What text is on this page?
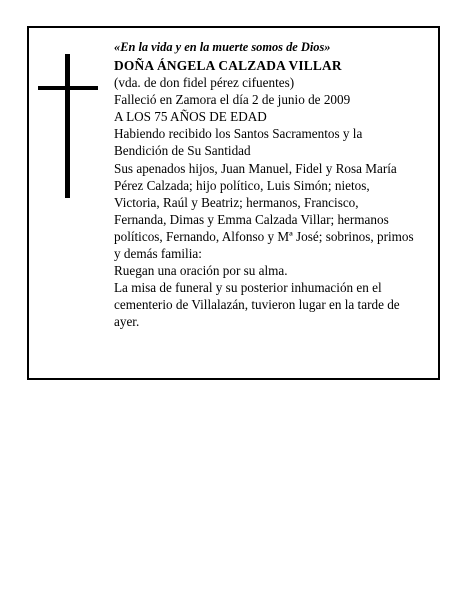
«En la vida y en la muerte somos de Dios»

DOÑA ÁNGELA CALZADA VILLAR

(vda. de don fidel pérez cifuentes)

Falleció en Zamora el día 2 de junio de 2009

A LOS 75 AÑOS DE EDAD

Habiendo recibido los Santos Sacramentos y la Bendición de Su Santidad

Sus apenados hijos, Juan Manuel, Fidel y Rosa María Pérez Calzada; hijo político, Luis Simón; nietos, Victoria, Raúl y Beatriz; hermanos, Francisco, Fernanda, Dimas y Emma Calzada Villar; hermanos políticos, Fernando, Alfonso y Mª José; sobrinos, primos y demás familia:

Ruegan una oración por su alma.

La misa de funeral y su posterior inhumación en el cementerio de Villalazán, tuvieron lugar en la tarde de ayer.
